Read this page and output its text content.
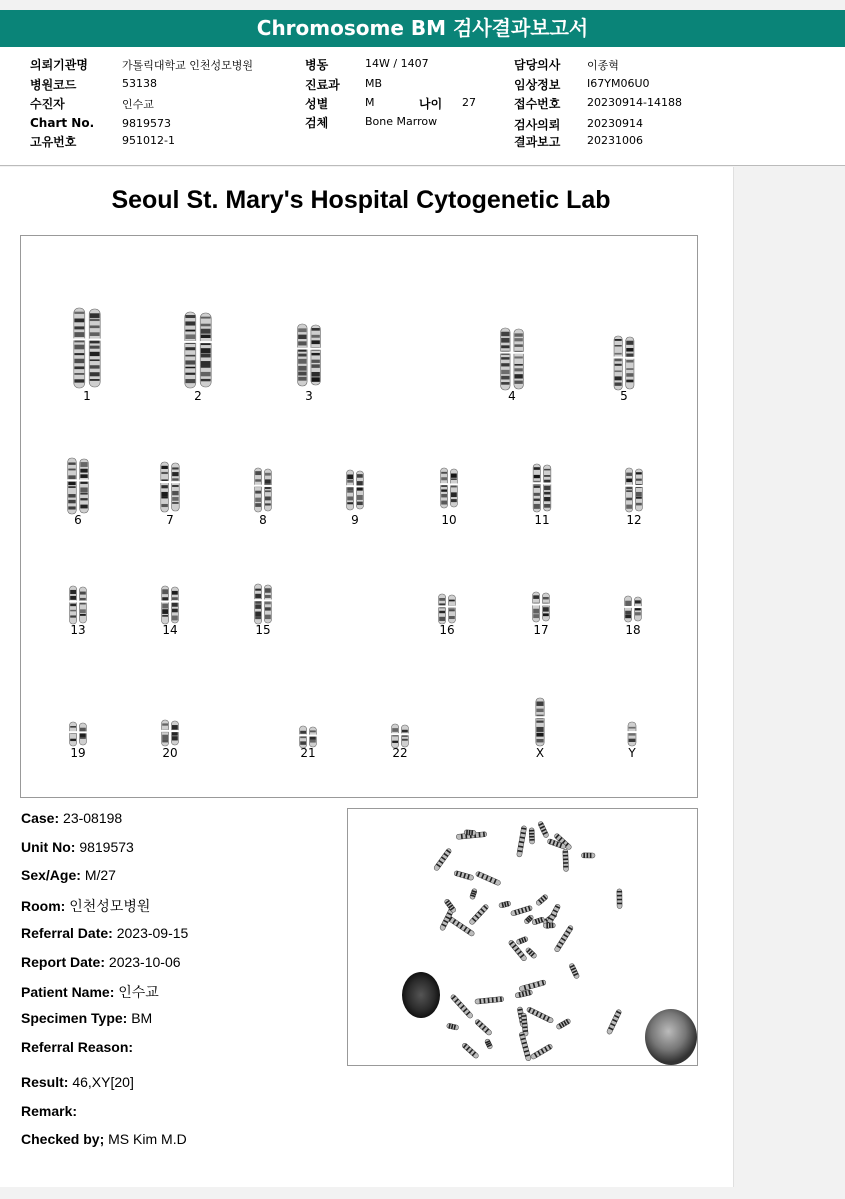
Chromosome BM 검사결과보고서
의뢰기관명	가톨릭대학교 인천성모병원
병원코드	53138
수진자	인수교
Chart No.	9819573
고유번호	951012-1
병동	14W / 1407
진료과 MB
성별	M	나이 27
검체	Bone Marrow
담당의사 이종혁
임상정보 I67YM06U0
접수번호 20230914-14188
검사의뢰 20230914
결과보고 20231006
Seoul St. Mary's Hospital Cytogenetic Lab
1	2	3	4	5
6	7	8	9	10	11	12
13	14	15	16	17	18
19	20	21	22	X	Y
Case: 23-08198
Unit No: 9819573
Sex/Age: M/27
Room: 인천성모병원
Referral Date: 2023-09-15
Report Date: 2023-10-06
Patient Name: 인수교
Specimen Type: BM
Referral Reason:
Result: 46,XY[20]
Remark:
Checked by; MS Kim M.D
